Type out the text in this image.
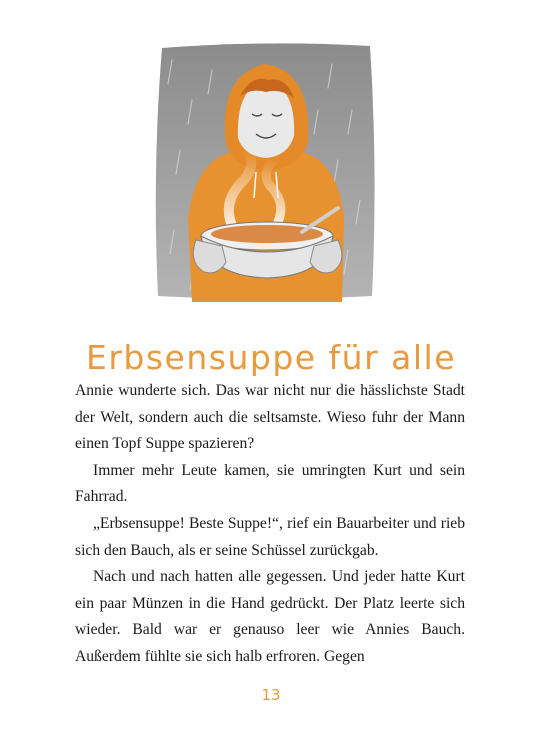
Erbsensuppe für alle

Annie wunderte sich. Das war nicht nur die hässlichste Stadt der Welt, sondern auch die seltsamste. Wieso fuhr der Mann einen Topf Suppe spazieren?

Immer mehr Leute kamen, sie umringten Kurt und sein Fahrrad.

„Erbsensuppe! Beste Suppe!“, rief ein Bauarbeiter und rieb sich den Bauch, als er seine Schüssel zurückgab.

Nach und nach hatten alle gegessen. Und jeder hatte Kurt ein paar Münzen in die Hand gedrückt. Der Platz leerte sich wieder. Bald war er genauso leer wie Annies Bauch. Außerdem fühlte sie sich halb erfroren. Gegen

13
